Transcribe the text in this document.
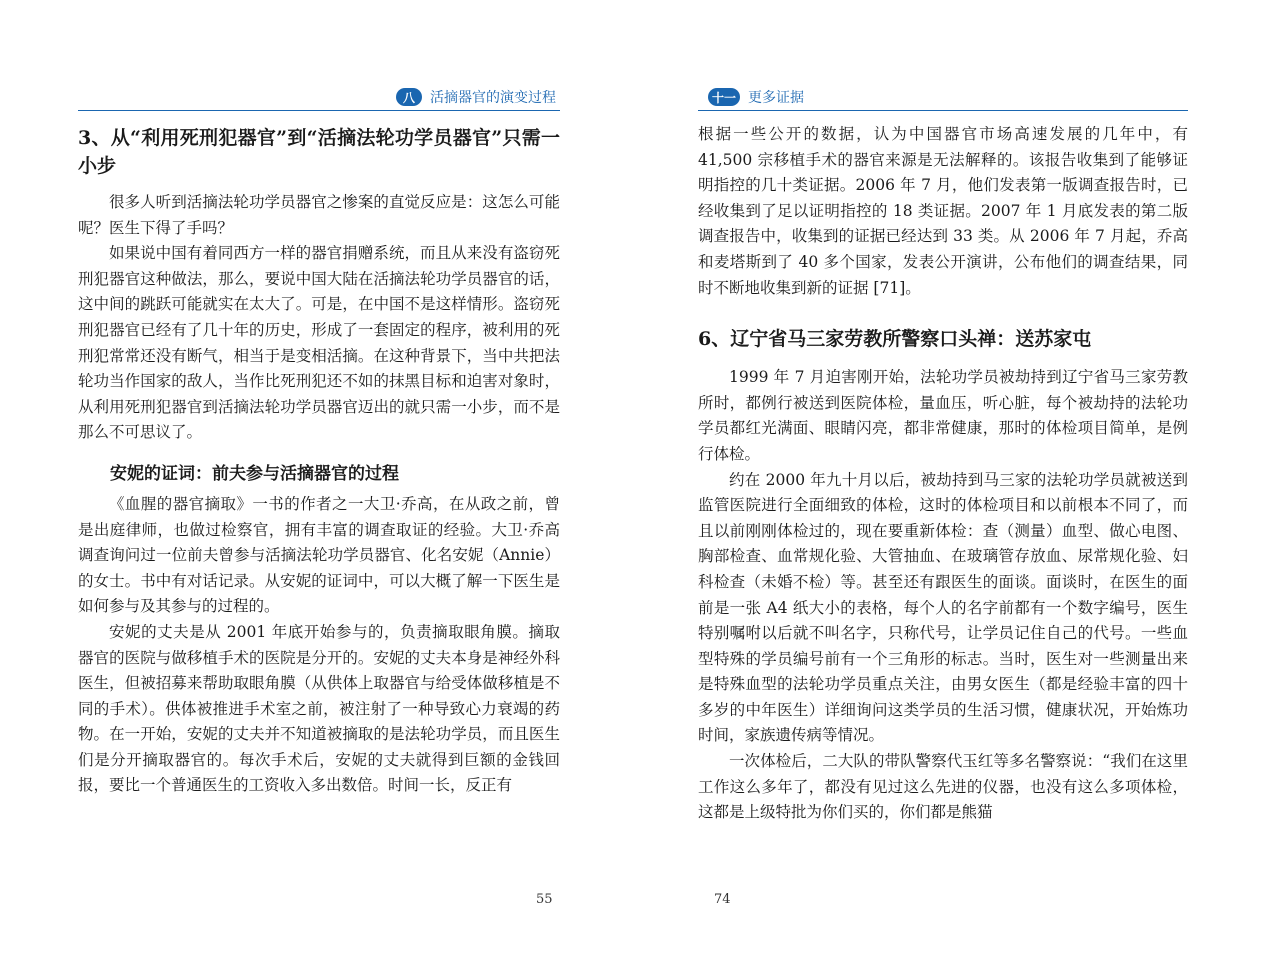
八	活摘器官的演变过程
3、从“利用死刑犯器官”到“活摘法轮功学员器官”只需一小步

很多人听到活摘法轮功学员器官之惨案的直觉反应是：这怎么可能呢？医生下得了手吗？

如果说中国有着同西方一样的器官捐赠系统，而且从来没有盗窃死刑犯器官这种做法，那么，要说中国大陆在活摘法轮功学员器官的话，这中间的跳跃可能就实在太大了。可是，在中国不是这样情形。盗窃死刑犯器官已经有了几十年的历史，形成了一套固定的程序，被利用的死刑犯常常还没有断气，相当于是变相活摘。在这种背景下，当中共把法轮功当作国家的敌人，当作比死刑犯还不如的抹黑目标和迫害对象时，从利用死刑犯器官到活摘法轮功学员器官迈出的就只需一小步，而不是那么不可思议了。

安妮的证词：前夫参与活摘器官的过程

《血腥的器官摘取》一书的作者之一大卫·乔高，在从政之前，曾是出庭律师，也做过检察官，拥有丰富的调查取证的经验。大卫·乔高调查询问过一位前夫曾参与活摘法轮功学员器官、化名安妮（Annie）的女士。书中有对话记录。从安妮的证词中，可以大概了解一下医生是如何参与及其参与的过程的。

安妮的丈夫是从 2001 年底开始参与的，负责摘取眼角膜。摘取器官的医院与做移植手术的医院是分开的。安妮的丈夫本身是神经外科医生，但被招募来帮助取眼角膜（从供体上取器官与给受体做移植是不同的手术）。供体被推进手术室之前，被注射了一种导致心力衰竭的药物。在一开始，安妮的丈夫并不知道被摘取的是法轮功学员，而且医生们是分开摘取器官的。每次手术后，安妮的丈夫就得到巨额的金钱回报，要比一个普通医生的工资收入多出数倍。时间一长，反正有

55
十一 更多证据

根据一些公开的数据，认为中国器官市场高速发展的几年中，有 41,500 宗移植手术的器官来源是无法解释的。该报告收集到了能够证明指控的几十类证据。2006 年 7 月，他们发表第一版调查报告时，已经收集到了足以证明指控的 18 类证据。2007 年 1 月底发表的第二版调查报告中，收集到的证据已经达到 33 类。从 2006 年 7 月起，乔高和麦塔斯到了 40 多个国家，发表公开演讲，公布他们的调查结果，同时不断地收集到新的证据 [71]。

6、辽宁省马三家劳教所警察口头禅：送苏家屯

1999 年 7 月迫害刚开始，法轮功学员被劫持到辽宁省马三家劳教所时，都例行被送到医院体检，量血压，听心脏，每个被劫持的法轮功学员都红光满面、眼睛闪亮，都非常健康，那时的体检项目简单，是例行体检。

约在 2000 年九十月以后，被劫持到马三家的法轮功学员就被送到监管医院进行全面细致的体检，这时的体检项目和以前根本不同了，而且以前刚刚体检过的，现在要重新体检：查（测量）血型、做心电图、胸部检查、血常规化验、大管抽血、在玻璃管存放血、尿常规化验、妇科检查（未婚不检）等。甚至还有跟医生的面谈。面谈时，在医生的面前是一张 A4 纸大小的表格，每个人的名字前都有一个数字编号，医生特别嘱咐以后就不叫名字，只称代号，让学员记住自己的代号。一些血型特殊的学员编号前有一个三角形的标志。当时，医生对一些测量出来是特殊血型的法轮功学员重点关注，由男女医生（都是经验丰富的四十多岁的中年医生）详细询问这类学员的生活习惯，健康状况，开始炼功时间，家族遗传病等情况。

一次体检后，二大队的带队警察代玉红等多名警察说：“我们在这里工作这么多年了，都没有见过这么先进的仪器，也没有这么多项体检，这都是上级特批为你们买的，你们都是熊猫

74
